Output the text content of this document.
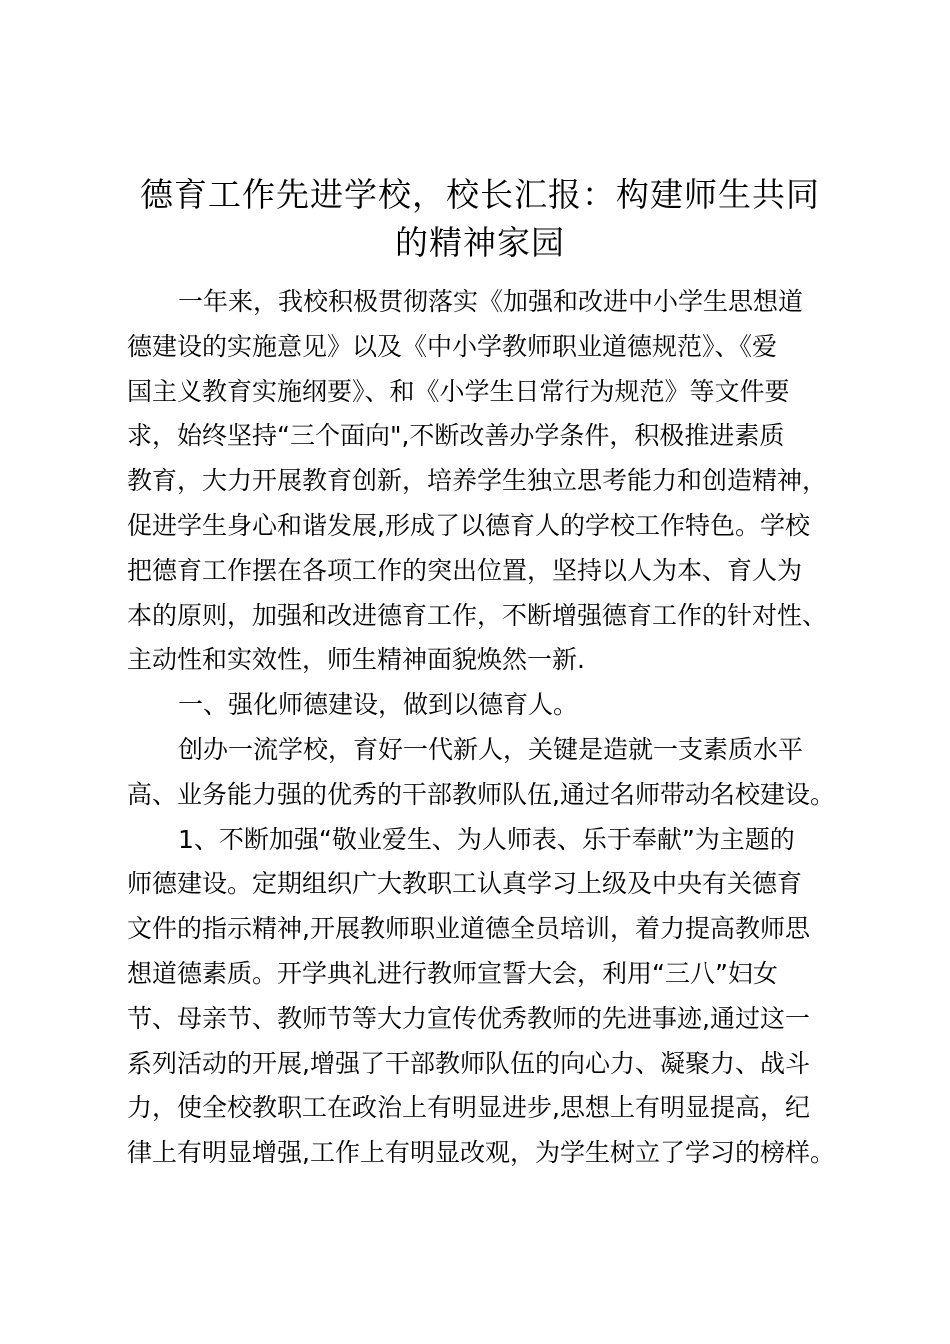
德育工作先进学校，校长汇报：构建师生共同
的精神家园
一年来，我校积极贯彻落实《加强和改进中小学生思想道
德建设的实施意见》以及《中小学教师职业道德规范》、《爱
国主义教育实施纲要》、和《小学生日常行为规范》等文件要
求，始终坚持“三个面向",不断改善办学条件，积极推进素质
教育，大力开展教育创新，培养学生独立思考能力和创造精神，
促进学生身心和谐发展,形成了以德育人的学校工作特色。学校
把德育工作摆在各项工作的突出位置，坚持以人为本、育人为
本的原则，加强和改进德育工作，不断增强德育工作的针对性、
主动性和实效性，师生精神面貌焕然一新.
一、强化师德建设，做到以德育人。
创办一流学校，育好一代新人，关键是造就一支素质水平
高、业务能力强的优秀的干部教师队伍,通过名师带动名校建设。
1、不断加强“敬业爱生、为人师表、乐于奉献”为主题的
师德建设。定期组织广大教职工认真学习上级及中央有关德育
文件的指示精神,开展教师职业道德全员培训，着力提高教师思
想道德素质。开学典礼进行教师宣誓大会，利用“三八”妇女
节、母亲节、教师节等大力宣传优秀教师的先进事迹,通过这一
系列活动的开展,增强了干部教师队伍的向心力、凝聚力、战斗
力，使全校教职工在政治上有明显进步,思想上有明显提高，纪
律上有明显增强,工作上有明显改观，为学生树立了学习的榜样。
